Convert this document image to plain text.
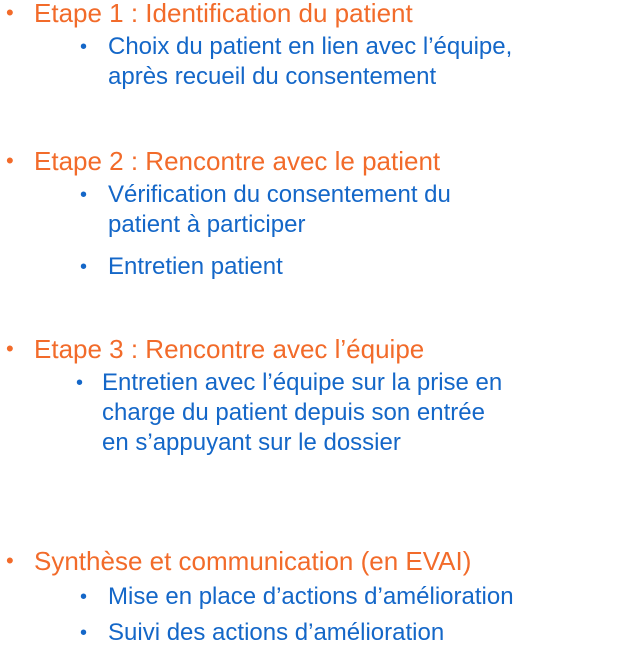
• Etape 1 : Identification du patient
• Choix du patient en lien avec l’équipe,
après recueil du consentement
• Etape 2 : Rencontre avec le patient
• Vérification du consentement du
patient à participer
• Entretien patient
• Etape 3 : Rencontre avec l’équipe
• Entretien avec l’équipe sur la prise en
charge du patient depuis son entrée
en s’appuyant sur le dossier
• Synthèse et communication (en EVAI)
• Mise en place d’actions d’amélioration
• Suivi des actions d’amélioration
